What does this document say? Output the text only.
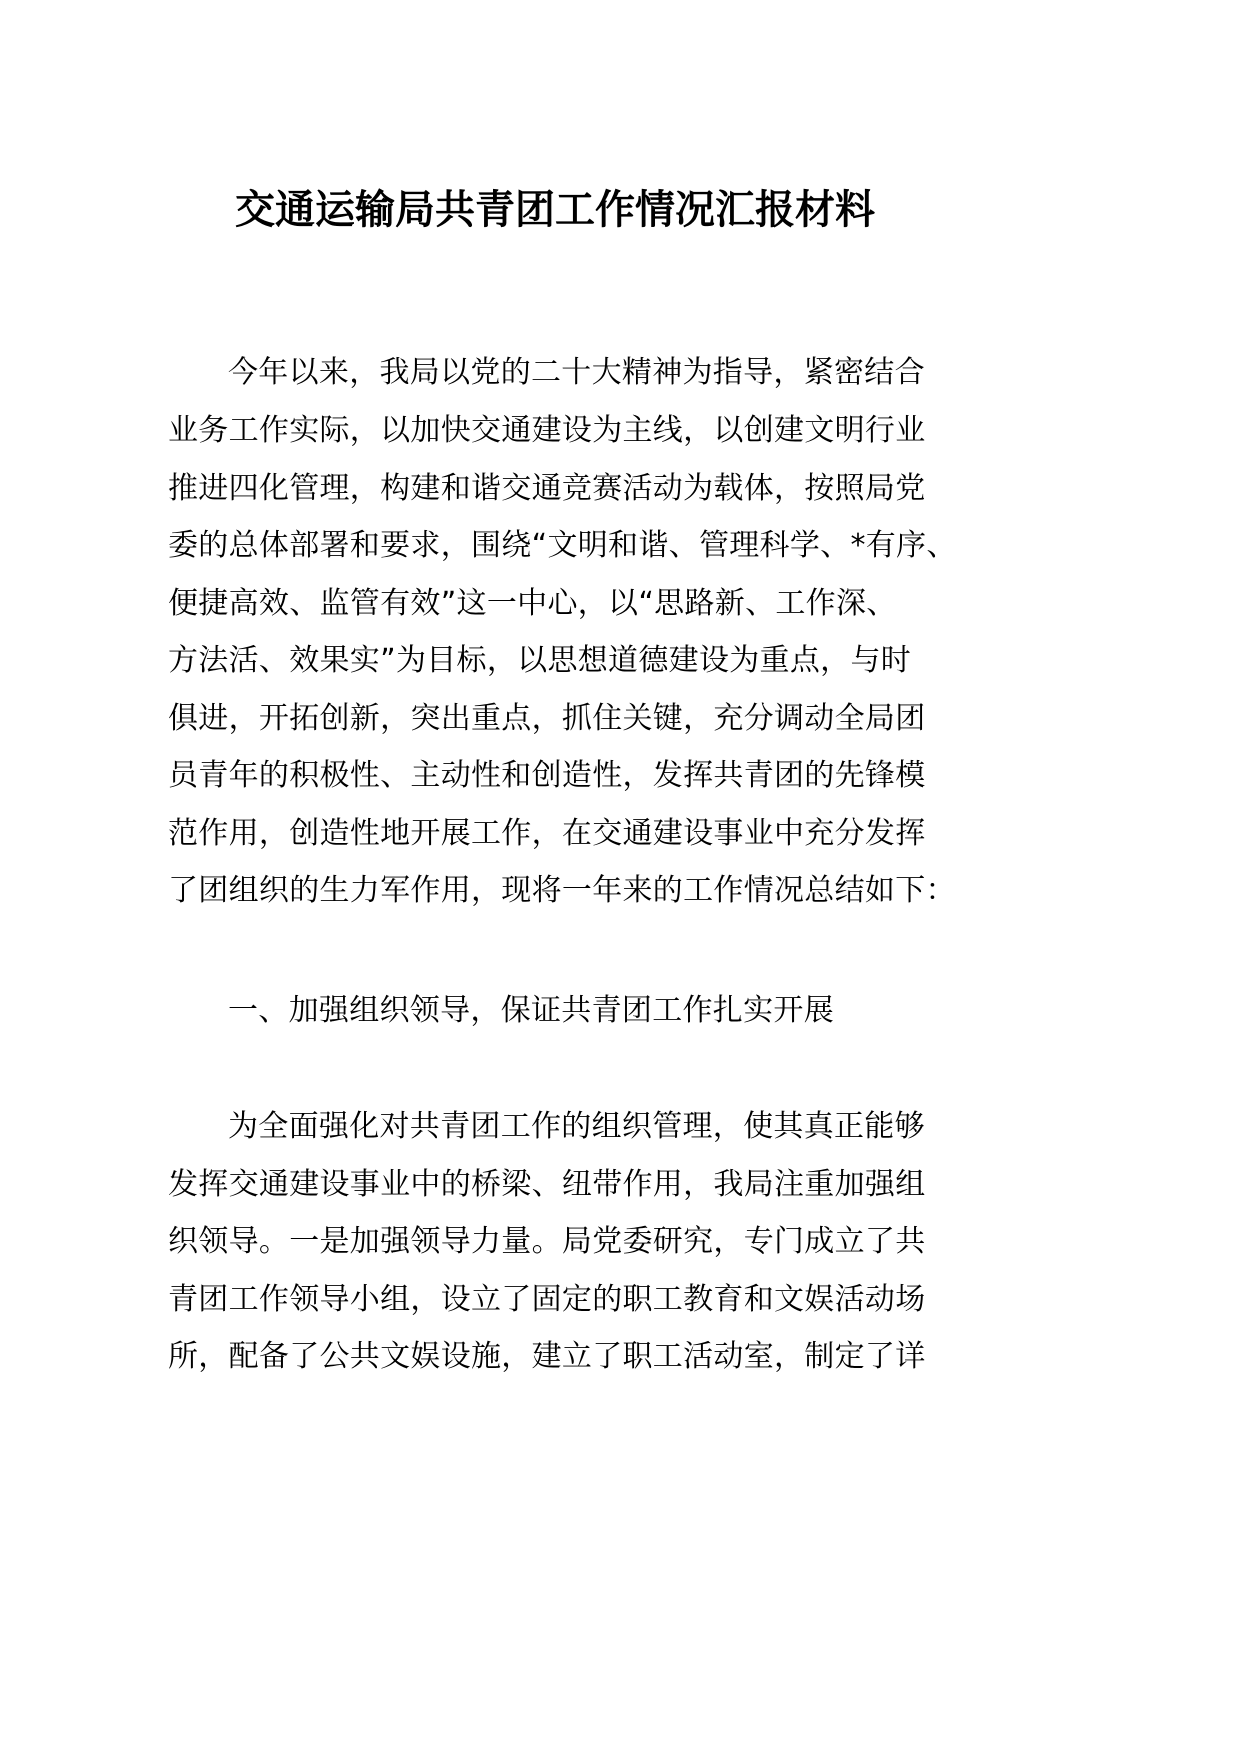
交通运输局共青团工作情况汇报材料
今年以来，我局以党的二十大精神为指导，紧密结合
业务工作实际，以加快交通建设为主线，以创建文明行业
推进四化管理，构建和谐交通竞赛活动为载体，按照局党
委的总体部署和要求，围绕“文明和谐、管理科学、*有序、
便捷高效、监管有效”这一中心，以“思路新、工作深、
方法活、效果实”为目标，以思想道德建设为重点，与时
俱进，开拓创新，突出重点，抓住关键，充分调动全局团
员青年的积极性、主动性和创造性，发挥共青团的先锋模
范作用，创造性地开展工作，在交通建设事业中充分发挥
了团组织的生力军作用，现将一年来的工作情况总结如下：
一、加强组织领导，保证共青团工作扎实开展
为全面强化对共青团工作的组织管理，使其真正能够
发挥交通建设事业中的桥梁、纽带作用，我局注重加强组
织领导。一是加强领导力量。局党委研究，专门成立了共
青团工作领导小组，设立了固定的职工教育和文娱活动场
所，配备了公共文娱设施，建立了职工活动室，制定了详
